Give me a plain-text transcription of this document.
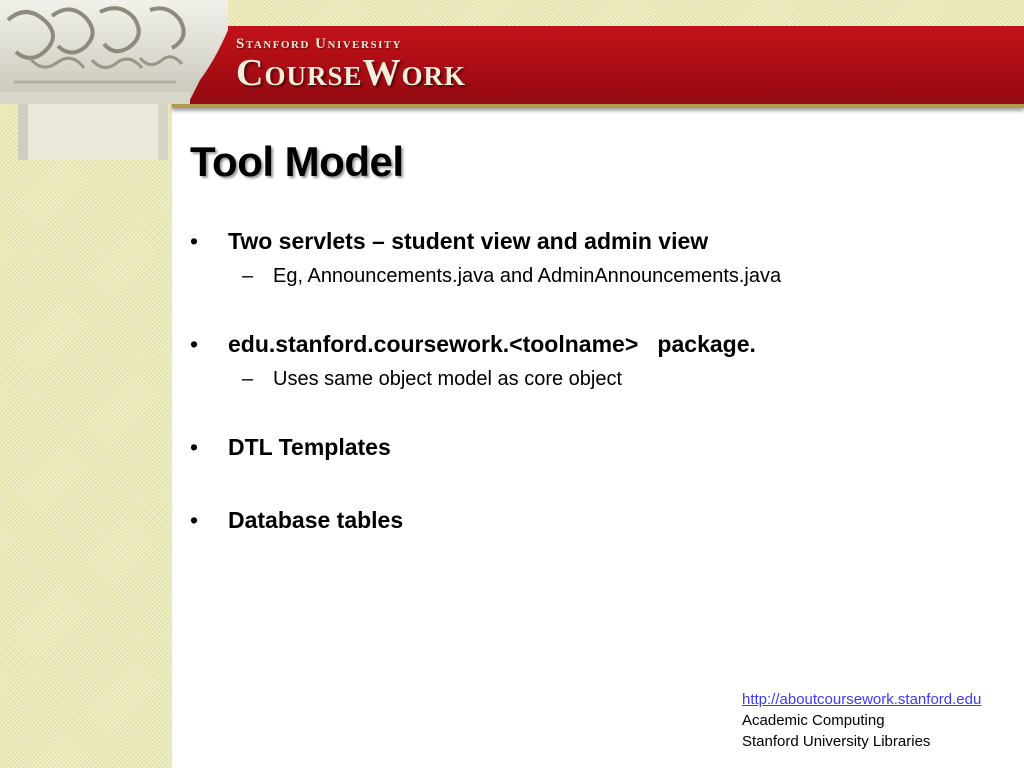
Stanford University
CourseWork
Tool Model

•

Two servlets – student view and admin view

–

Eg, Announcements.java and AdminAnnouncements.java

•

edu.stanford.coursework.<toolname>   package.

–

Uses same object model as core object

•

DTL Templates

•

Database tables

http://aboutcoursework.stanford.edu
Academic Computing
Stanford University Libraries
